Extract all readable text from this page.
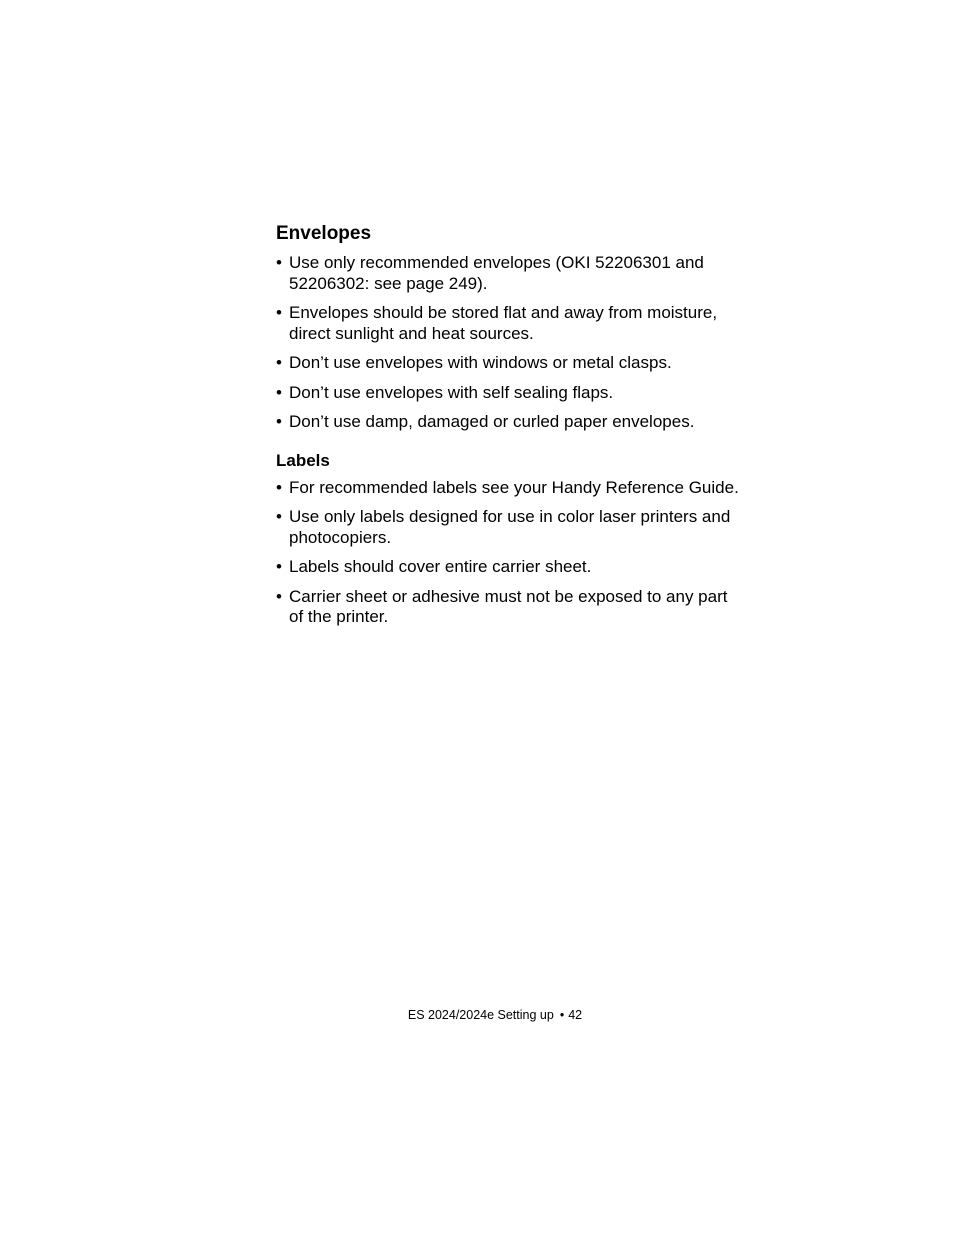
Envelopes
• Use only recommended envelopes (OKI 52206301 and 52206302: see page 249).
• Envelopes should be stored flat and away from moisture, direct sunlight and heat sources.
• Don’t use envelopes with windows or metal clasps.
• Don’t use envelopes with self sealing flaps.
• Don’t use damp, damaged or curled paper envelopes.
Labels
• For recommended labels see your Handy Reference Guide.
• Use only labels designed for use in color laser printers and photocopiers.
• Labels should cover entire carrier sheet.
• Carrier sheet or adhesive must not be exposed to any part of the printer.
ES 2024/2024e Setting up • 42
